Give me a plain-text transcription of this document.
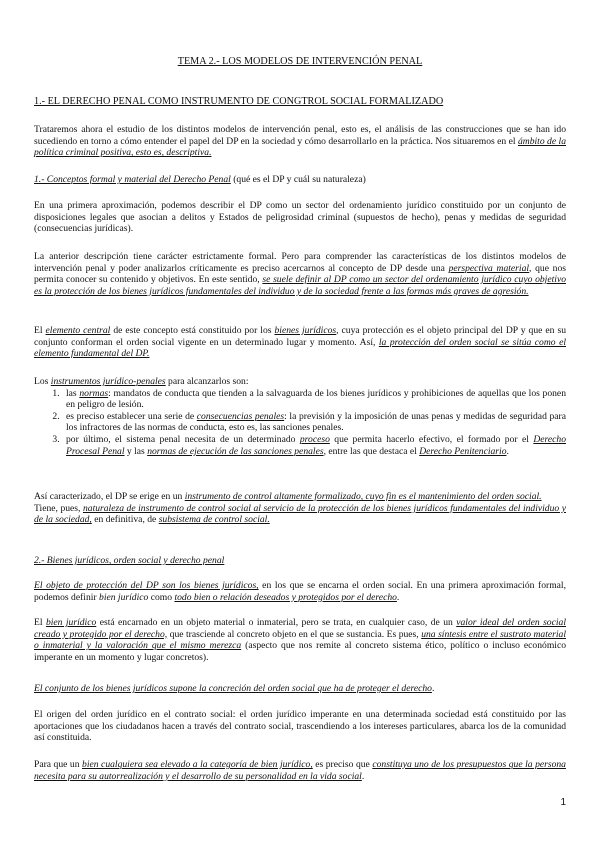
TEMA 2.- LOS MODELOS DE INTERVENCIÓN PENAL
1.- EL DERECHO PENAL COMO INSTRUMENTO DE CONGTROL SOCIAL FORMALIZADO

Trataremos ahora el estudio de los distintos modelos de intervención penal, esto es, el análisis de las construcciones que se han ido sucediendo en torno a cómo entender el papel del DP en la sociedad y cómo desarrollarlo en la práctica. Nos situaremos en el ámbito de la política criminal positiva, esto es, descriptiva.

1.- Conceptos formal y material del Derecho Penal (qué es el DP y cuál su naturaleza)

En una primera aproximación, podemos describir el DP como un sector del ordenamiento jurídico constituido por un conjunto de disposiciones legales que asocian a delitos y Estados de peligrosidad criminal (supuestos de hecho), penas y medidas de seguridad (consecuencias jurídicas).

La anterior descripción tiene carácter estrictamente formal. Pero para comprender las características de los distintos modelos de intervención penal y poder analizarlos críticamente es preciso acercarnos al concepto de DP desde una perspectiva material, que nos permita conocer su contenido y objetivos. En este sentido, se suele definir al DP como un sector del ordenamiento jurídico cuyo objetivo es la protección de los bienes jurídicos fundamentales del individuo y de la sociedad frente a las formas más graves de agresión.

El elemento central de este concepto está constituido por los bienes jurídicos, cuya protección es el objeto principal del DP y que en su conjunto conforman el orden social vigente en un determinado lugar y momento. Así, la protección del orden social se sitúa como el elemento fundamental del DP.

Los instrumentos jurídico-penales para alcanzarlos son:

1. las normas: mandatos de conducta que tienden a la salvaguarda de los bienes jurídicos y prohibiciones de aquellas que los ponen en peligro de lesión.
2. es preciso establecer una serie de consecuencias penales: la previsión y la imposición de unas penas y medidas de seguridad para los infractores de las normas de conducta, esto es, las sanciones penales.
3. por último, el sistema penal necesita de un determinado proceso que permita hacerlo efectivo, el formado por el Derecho Procesal Penal y las normas de ejecución de las sanciones penales, entre las que destaca el Derecho Penitenciario.

Así caracterizado, el DP se erige en un instrumento de control altamente formalizado, cuyo fin es el mantenimiento del orden social.

Tiene, pues, naturaleza de instrumento de control social al servicio de la protección de los bienes jurídicos fundamentales del individuo y de la sociedad, en definitiva, de subsistema de control social.

2.- Bienes jurídicos, orden social y derecho penal

El objeto de protección del DP son los bienes jurídicos, en los que se encarna el orden social. En una primera aproximación formal, podemos definir bien jurídico como todo bien o relación deseados y protegidos por el derecho.

El bien jurídico está encarnado en un objeto material o inmaterial, pero se trata, en cualquier caso, de un valor ideal del orden social creado y protegido por el derecho, que trasciende al concreto objeto en el que se sustancia. Es pues, una síntesis entre el sustrato material o inmaterial y la valoración que el mismo merezca (aspecto que nos remite al concreto sistema ético, político o incluso económico imperante en un momento y lugar concretos).

El conjunto de los bienes jurídicos supone la concreción del orden social que ha de proteger el derecho.

El origen del orden jurídico en el contrato social: el orden jurídico imperante en una determinada sociedad está constituido por las aportaciones que los ciudadanos hacen a través del contrato social, trascendiendo a los intereses particulares, abarca los de la comunidad así constituida.

Para que un bien cualquiera sea elevado a la categoría de bien jurídico, es preciso que constituya uno de los presupuestos que la persona necesita para su autorrealización y el desarrollo de su personalidad en la vida social.

1
